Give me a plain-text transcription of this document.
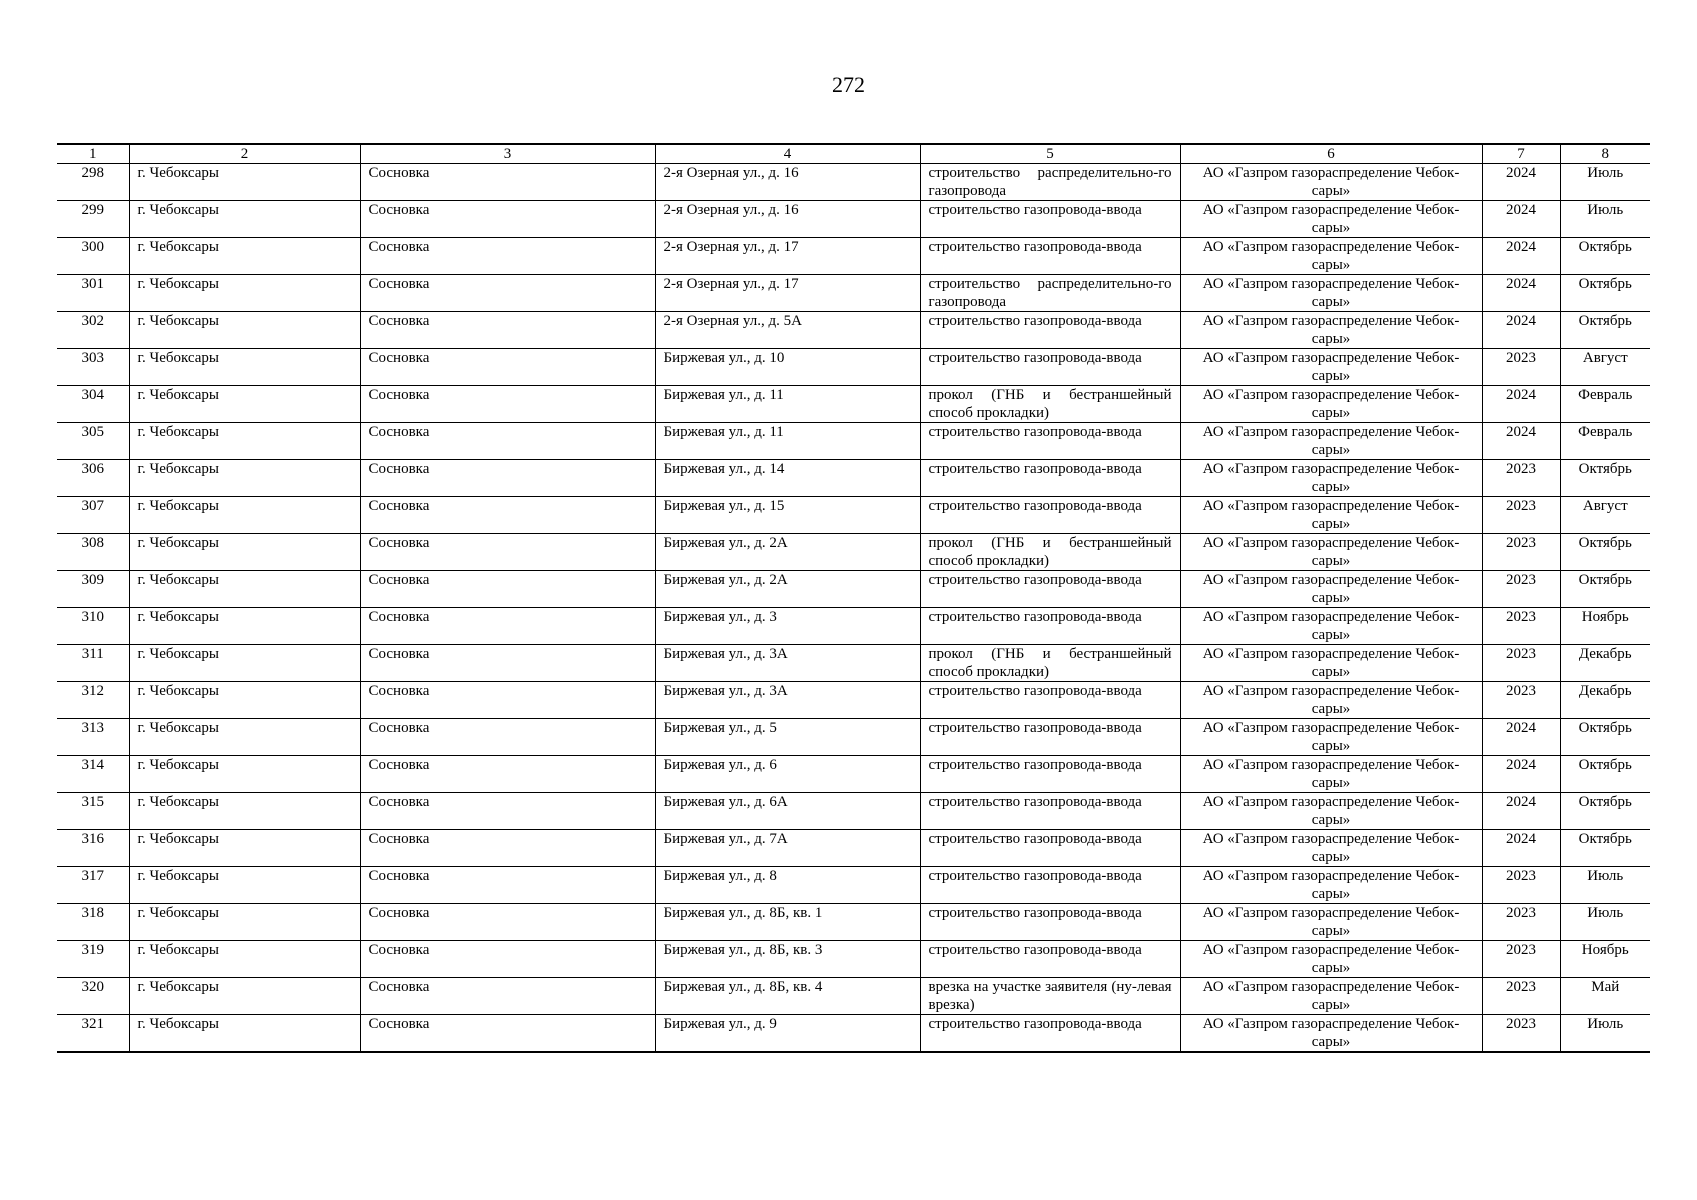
272
1	2	3	4	5	6	7	8
298	г. Чебоксары	Сосновка	2-я Озерная ул., д. 16	строительство распределительно-го газопровода	АО «Газпром газораспределение Чебок-сары»	2024	Июль
299	г. Чебоксары	Сосновка	2-я Озерная ул., д. 16	строительство газопровода-ввода	АО «Газпром газораспределение Чебок-сары»	2024	Июль
300	г. Чебоксары	Сосновка	2-я Озерная ул., д. 17	строительство газопровода-ввода	АО «Газпром газораспределение Чебок-сары»	2024	Октябрь
301	г. Чебоксары	Сосновка	2-я Озерная ул., д. 17	строительство распределительно-го газопровода	АО «Газпром газораспределение Чебок-сары»	2024	Октябрь
302	г. Чебоксары	Сосновка	2-я Озерная ул., д. 5А	строительство газопровода-ввода	АО «Газпром газораспределение Чебок-сары»	2024	Октябрь
303	г. Чебоксары	Сосновка	Биржевая ул., д. 10	строительство газопровода-ввода	АО «Газпром газораспределение Чебок-сары»	2023	Август
304	г. Чебоксары	Сосновка	Биржевая ул., д. 11	прокол (ГНБ и бестраншейный способ прокладки)	АО «Газпром газораспределение Чебок-сары»	2024	Февраль
305	г. Чебоксары	Сосновка	Биржевая ул., д. 11	строительство газопровода-ввода	АО «Газпром газораспределение Чебок-сары»	2024	Февраль
306	г. Чебоксары	Сосновка	Биржевая ул., д. 14	строительство газопровода-ввода	АО «Газпром газораспределение Чебок-сары»	2023	Октябрь
307	г. Чебоксары	Сосновка	Биржевая ул., д. 15	строительство газопровода-ввода	АО «Газпром газораспределение Чебок-сары»	2023	Август
308	г. Чебоксары	Сосновка	Биржевая ул., д. 2А	прокол (ГНБ и бестраншейный способ прокладки)	АО «Газпром газораспределение Чебок-сары»	2023	Октябрь
309	г. Чебоксары	Сосновка	Биржевая ул., д. 2А	строительство газопровода-ввода	АО «Газпром газораспределение Чебок-сары»	2023	Октябрь
310	г. Чебоксары	Сосновка	Биржевая ул., д. 3	строительство газопровода-ввода	АО «Газпром газораспределение Чебок-сары»	2023	Ноябрь
311	г. Чебоксары	Сосновка	Биржевая ул., д. 3А	прокол (ГНБ и бестраншейный способ прокладки)	АО «Газпром газораспределение Чебок-сары»	2023	Декабрь
312	г. Чебоксары	Сосновка	Биржевая ул., д. 3А	строительство газопровода-ввода	АО «Газпром газораспределение Чебок-сары»	2023	Декабрь
313	г. Чебоксары	Сосновка	Биржевая ул., д. 5	строительство газопровода-ввода	АО «Газпром газораспределение Чебок-сары»	2024	Октябрь
314	г. Чебоксары	Сосновка	Биржевая ул., д. 6	строительство газопровода-ввода	АО «Газпром газораспределение Чебок-сары»	2024	Октябрь
315	г. Чебоксары	Сосновка	Биржевая ул., д. 6А	строительство газопровода-ввода	АО «Газпром газораспределение Чебок-сары»	2024	Октябрь
316	г. Чебоксары	Сосновка	Биржевая ул., д. 7А	строительство газопровода-ввода	АО «Газпром газораспределение Чебок-сары»	2024	Октябрь
317	г. Чебоксары	Сосновка	Биржевая ул., д. 8	строительство газопровода-ввода	АО «Газпром газораспределение Чебок-сары»	2023	Июль
318	г. Чебоксары	Сосновка	Биржевая ул., д. 8Б, кв. 1	строительство газопровода-ввода	АО «Газпром газораспределение Чебок-сары»	2023	Июль
319	г. Чебоксары	Сосновка	Биржевая ул., д. 8Б, кв. 3	строительство газопровода-ввода	АО «Газпром газораспределение Чебок-сары»	2023	Ноябрь
320	г. Чебоксары	Сосновка	Биржевая ул., д. 8Б, кв. 4	врезка на участке заявителя (ну-левая врезка)	АО «Газпром газораспределение Чебок-сары»	2023	Май
321	г. Чебоксары	Сосновка	Биржевая ул., д. 9	строительство газопровода-ввода	АО «Газпром газораспределение Чебок-сары»	2023	Июль
